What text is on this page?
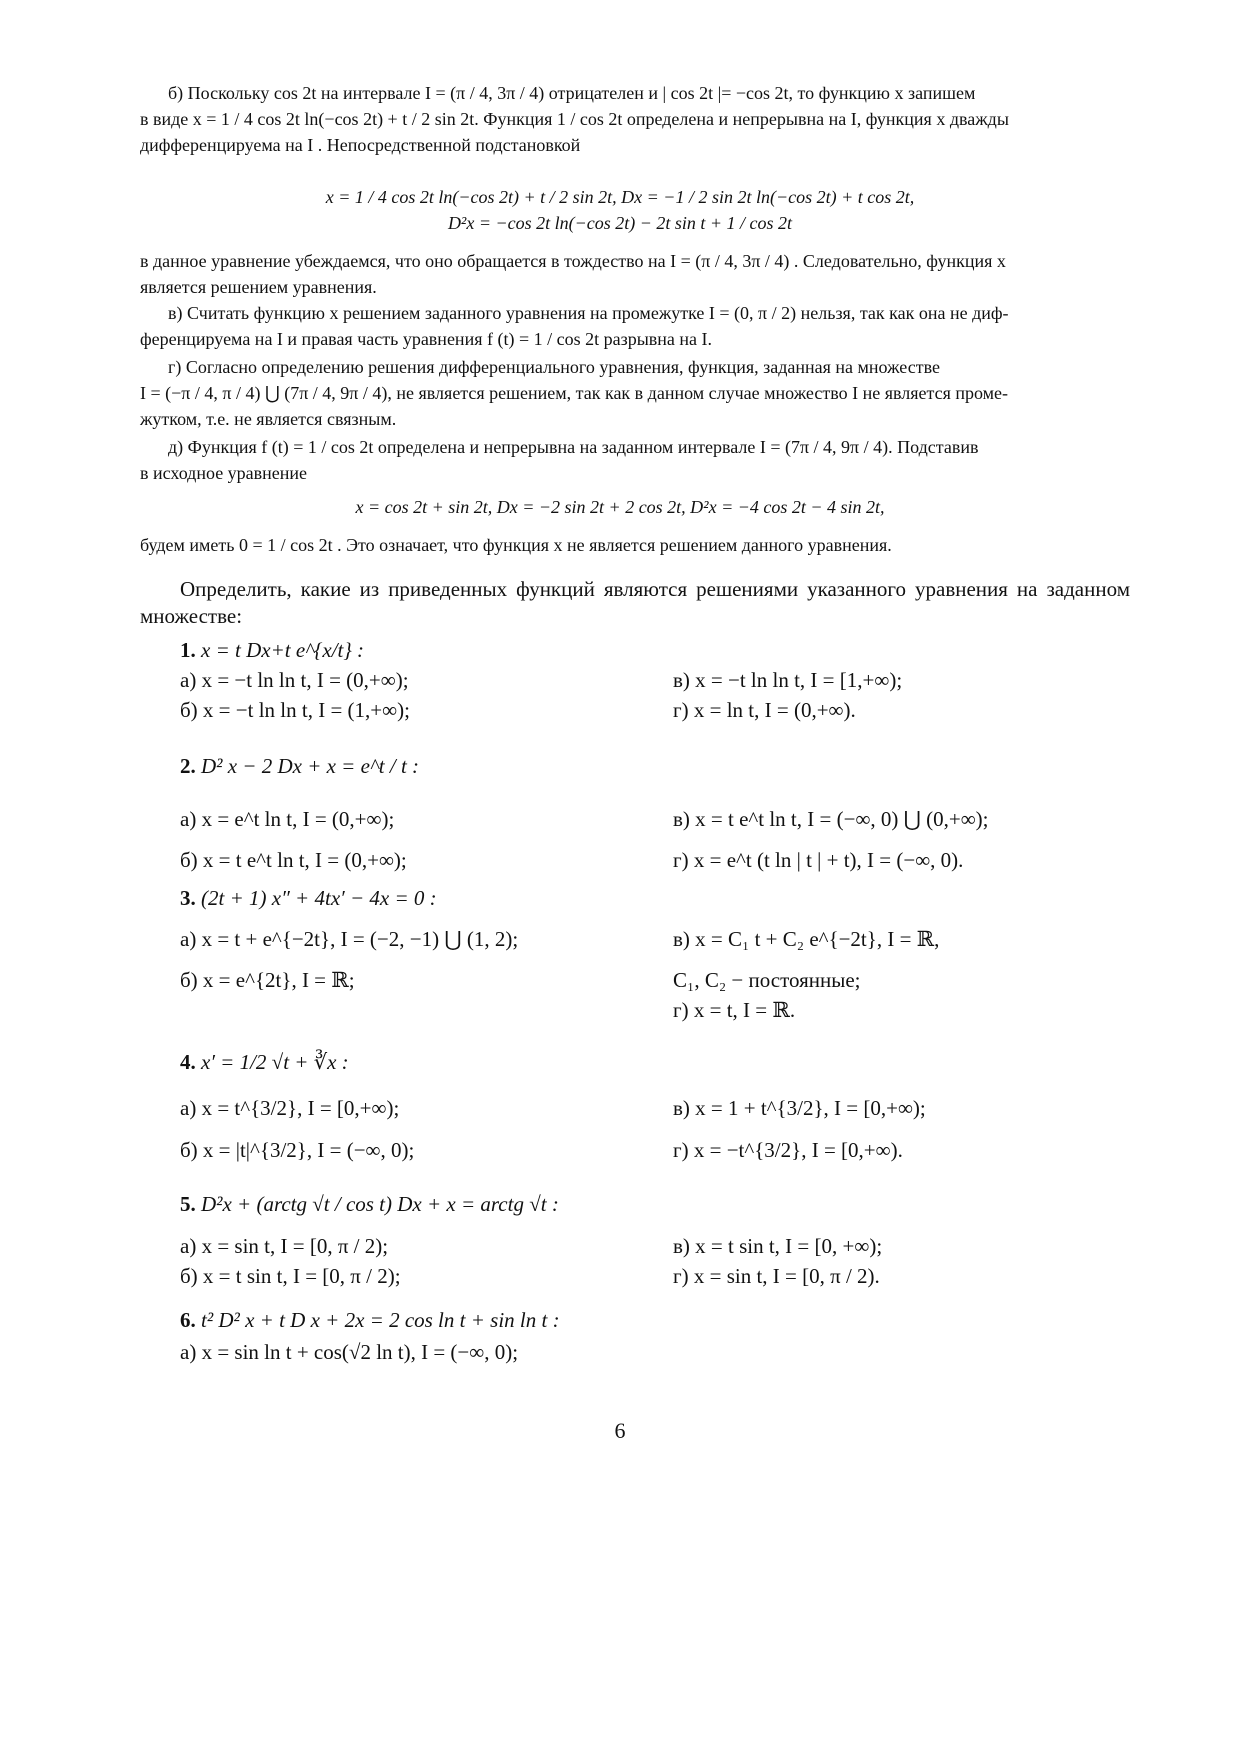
б) Поскольку cos 2t на интервале I = (π / 4, 3π / 4) отрицателен и | cos 2t |= −cos 2t, то функцию x запишем
в виде x = 1 / 4 cos 2t ln(−cos 2t) + t / 2 sin 2t. Функция 1 / cos 2t определена и непрерывна на I, функция x дважды
дифференцируема на I . Непосредственной подстановкой
x = 1 / 4 cos 2t ln(−cos 2t) + t / 2 sin 2t, Dx = −1 / 2 sin 2t ln(−cos 2t) + t cos 2t,
D²x = −cos 2t ln(−cos 2t) − 2t sin t + 1 / cos 2t
в данное уравнение убеждаемся, что оно обращается в тождество на I = (π / 4, 3π / 4) . Следовательно, функция x
является решением уравнения.
в) Считать функцию x решением заданного уравнения на промежутке I = (0, π / 2) нельзя, так как она не диф-
ференцируема на I и правая часть уравнения f (t) = 1 / cos 2t разрывна на I.
г) Согласно определению решения дифференциального уравнения, функция, заданная на множестве
I = (−π / 4, π / 4) ⋃ (7π / 4, 9π / 4), не является решением, так как в данном случае множество I не является проме-
жутком, т.е. не является связным.
д) Функция f (t) = 1 / cos 2t определена и непрерывна на заданном интервале I = (7π / 4, 9π / 4). Подставив
в исходное уравнение
x = cos 2t + sin 2t, Dx = −2 sin 2t + 2 cos 2t, D²x = −4 cos 2t − 4 sin 2t,
будем иметь 0 = 1 / cos 2t . Это означает, что функция x не является решением данного уравнения.
Определить, какие из приведенных функций являются решениями указанного уравнения на заданном множестве:
1. x = t Dx+t e^{x/t} :
а) x = −t ln ln t, I = (0,+∞);	в) x = −t ln ln t, I = [1,+∞);
б) x = −t ln ln t, I = (1,+∞);	г) x = ln t, I = (0,+∞).
2. D² x − 2 Dx + x = e^t / t :
а) x = e^t ln t, I = (0,+∞);	в) x = t e^t ln t, I = (−∞, 0) ⋃ (0,+∞);
б) x = t e^t ln t, I = (0,+∞);	г) x = e^t (t ln | t | + t), I = (−∞, 0).
3. (2t + 1) x″ + 4tx′ − 4x = 0 :
а) x = t + e^{−2t}, I = (−2, −1) ⋃ (1, 2);	в) x = C₁ t + C₂ e^{−2t}, I = ℝ,
б) x = e^{2t}, I = ℝ;	C₁, C₂ − постоянные;
г) x = t, I = ℝ.
4. x′ = 1/2 √t + ∛x :
а) x = t^{3/2}, I = [0,+∞);	в) x = 1 + t^{3/2}, I = [0,+∞);
б) x = |t|^{3/2}, I = (−∞, 0);	г) x = −t^{3/2}, I = [0,+∞).
5. D²x + (arctg √t / cos t) Dx + x = arctg √t :
а) x = sin t, I = [0, π / 2);	в) x = t sin t, I = [0, +∞);
б) x = t sin t, I = [0, π / 2);	г) x = sin t, I = [0, π / 2).
6. t² D² x + t D x + 2x = 2 cos ln t + sin ln t :
а) x = sin ln t + cos(√2 ln t), I = (−∞, 0);
6
